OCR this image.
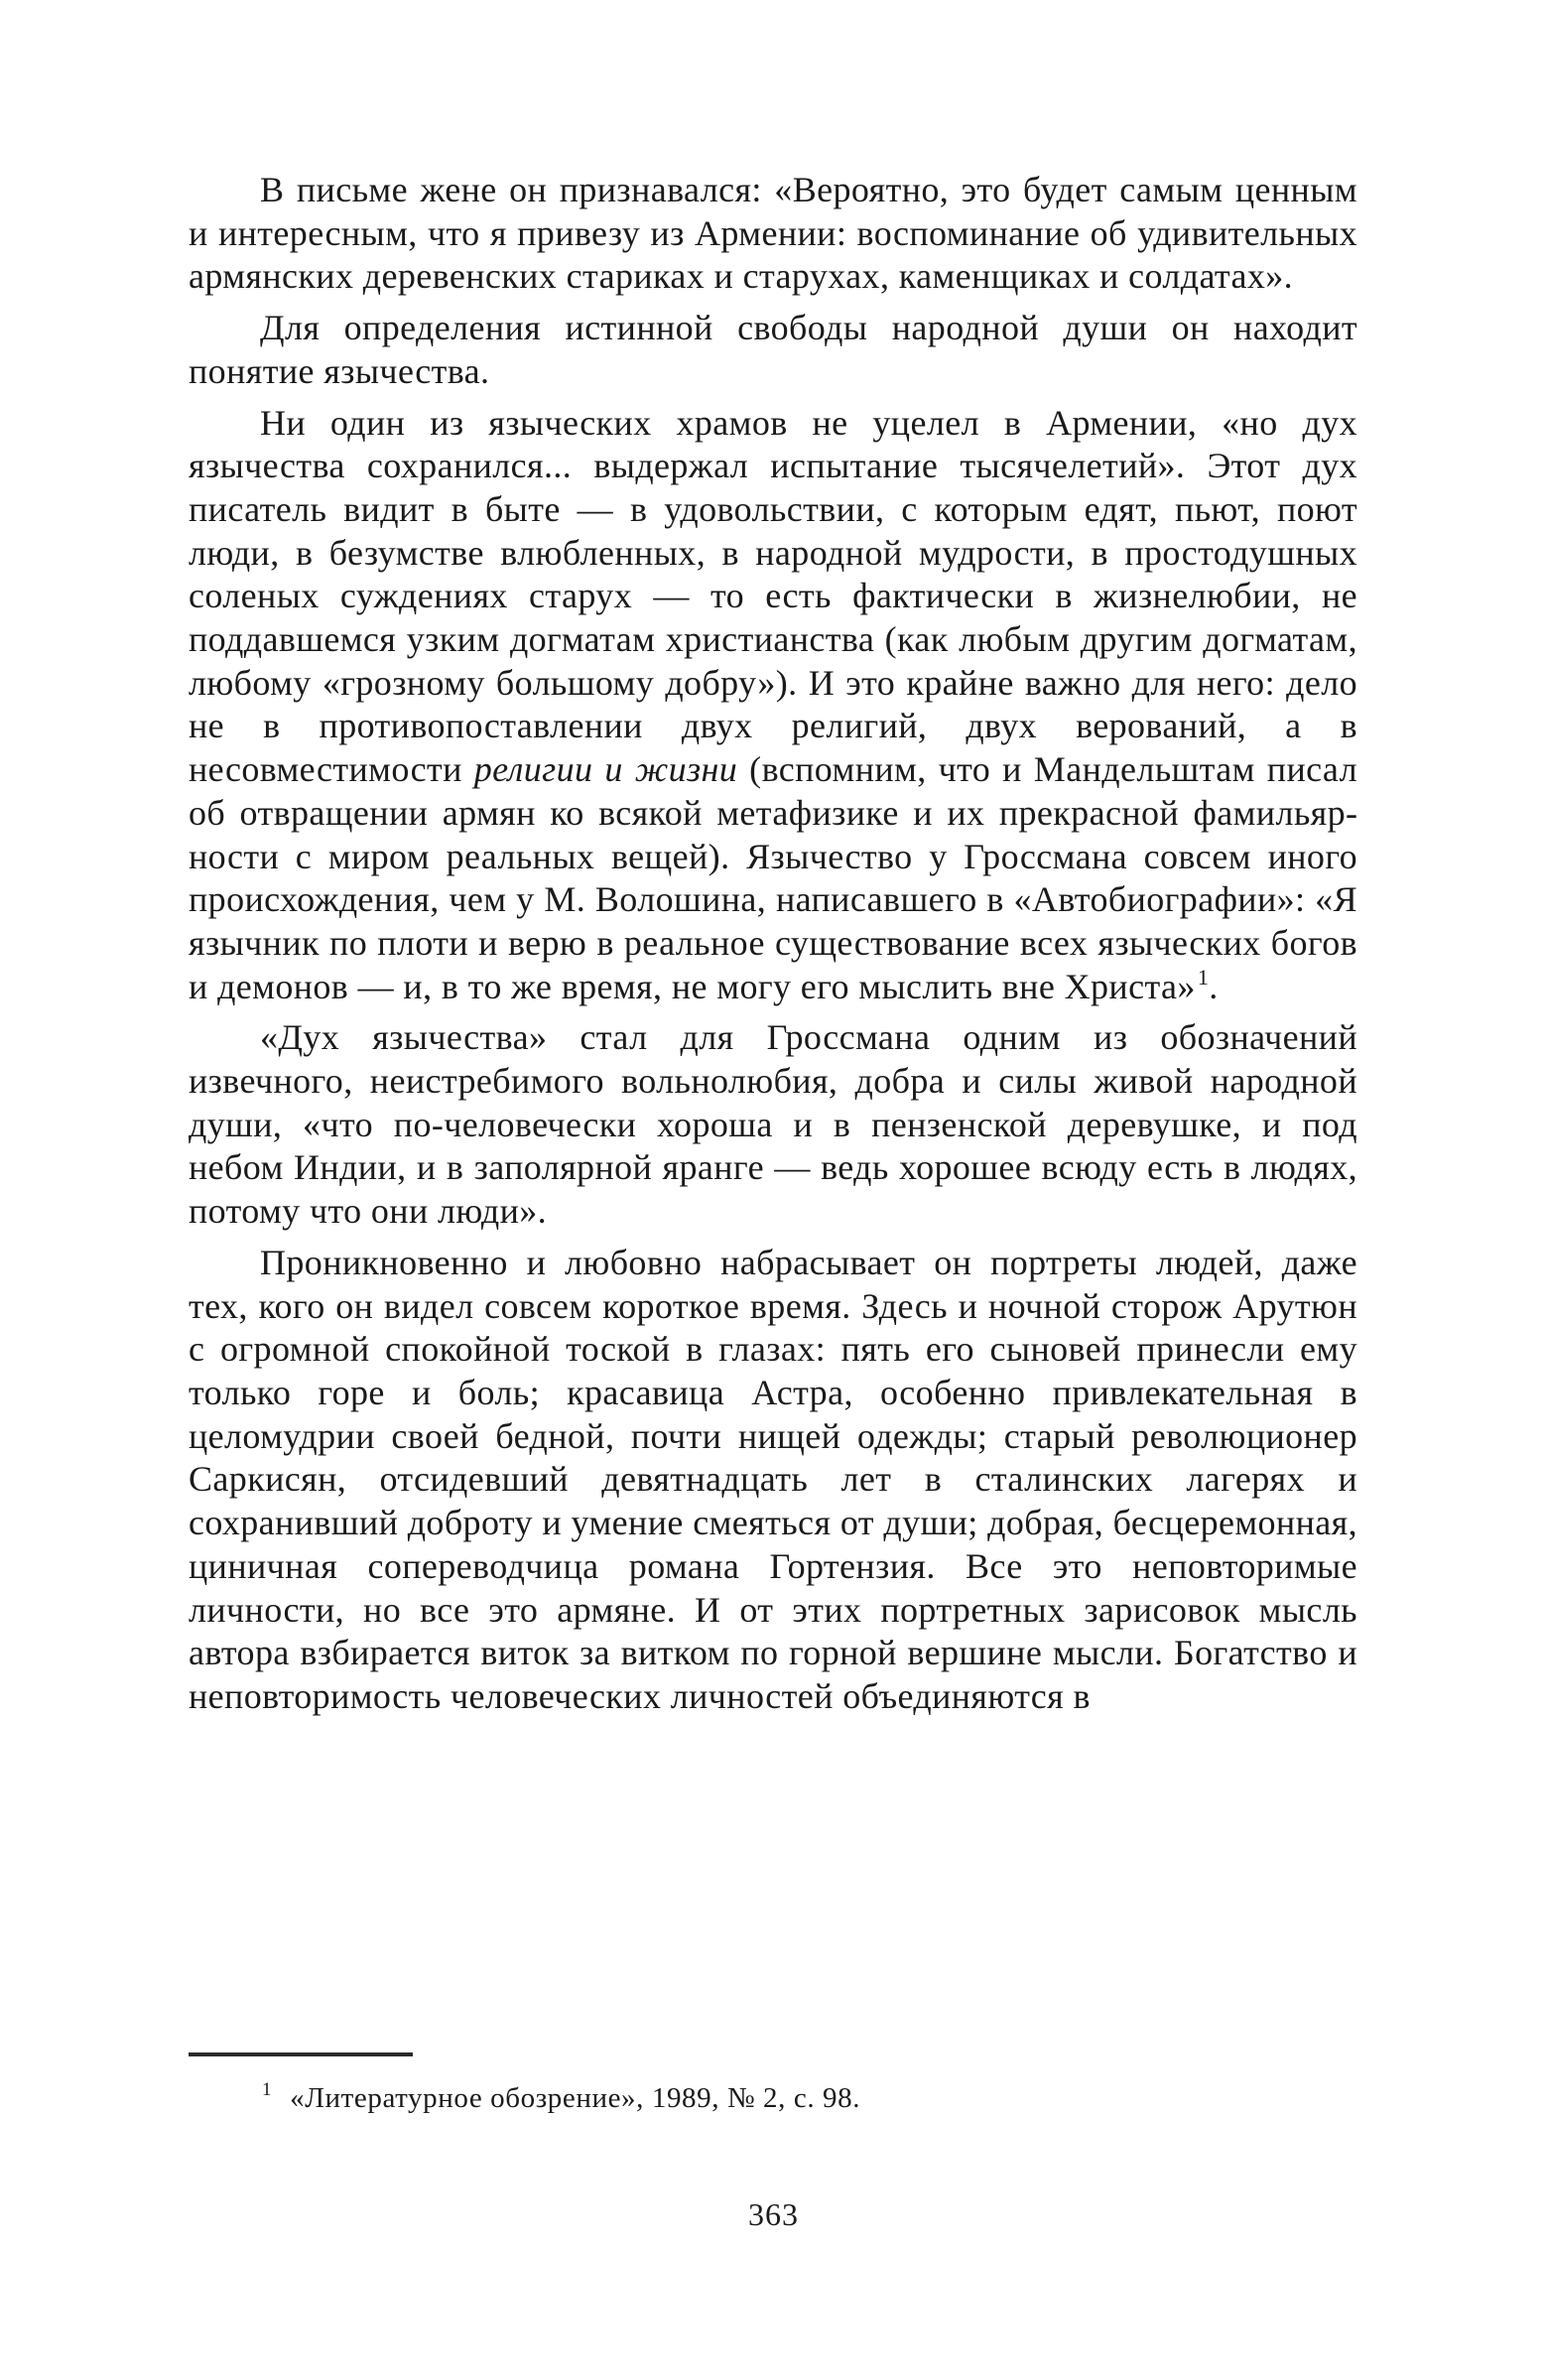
В письме жене он признавался: «Вероятно, это будет самым ценным и интересным, что я привезу из Армении: воспоминание об удивительных армянских деревенских стариках и старухах, каменщиках и солдатах».

Для определения истинной свободы народной души он находит понятие язычества.

Ни один из языческих храмов не уцелел в Армении, «но дух язычества сохранился... выдержал испытание тысячелетий». Этот дух писатель видит в быте — в удовольствии, с которым едят, пьют, поют люди, в безумстве влюбленных, в народной мудрости, в простодушных соленых суждениях старух — то есть фактически в жизнелюбии, не поддавшемся узким догматам христианства (как любым другим догматам, любому «грозному большому добру»). И это крайне важно для него: дело не в противопоставлении двух религий, двух верований, а в несовместимости религии и жизни (вспомним, что и Мандельштам писал об отвращении армян ко всякой метафизике и их прекрасной фамильярности с миром реальных вещей). Язычество у Гроссмана совсем иного происхождения, чем у М. Волошина, написавшего в «Автобиографии»: «Я язычник по плоти и верю в реальное существование всех языческих богов и демонов — и, в то же время, не могу его мыслить вне Христа»$^1$.

«Дух язычества» стал для Гроссмана одним из обозначений извечного, неистребимого вольнолюбия, добра и силы живой народной души, «что по-человечески хороша и в пензенской деревушке, и под небом Индии, и в заполярной яранге — ведь хорошее всюду есть в людях, потому что они люди».

Проникновенно и любовно набрасывает он портреты людей, даже тех, кого он видел совсем короткое время. Здесь и ночной сторож Арутюн с огромной спокойной тоской в глазах: пять его сыновей принесли ему только горе и боль; красавица Астра, особенно привлекательная в целомудрии своей бедной, почти нищей одежды; старый революционер Саркисян, отсидевший девятнадцать лет в сталинских лагерях и сохранивший доброту и умение смеяться от души; добрая, бесцеремонная, циничная сопереводчица романа Гортензия. Все это неповторимые личности, но все это армяне. И от этих портретных зарисовок мысль автора взбирается виток за витком по горной вершине мысли. Богатство и неповторимость человеческих личностей объединяются в

$^1$ «Литературное обозрение», 1989, № 2, с. 98.
363
